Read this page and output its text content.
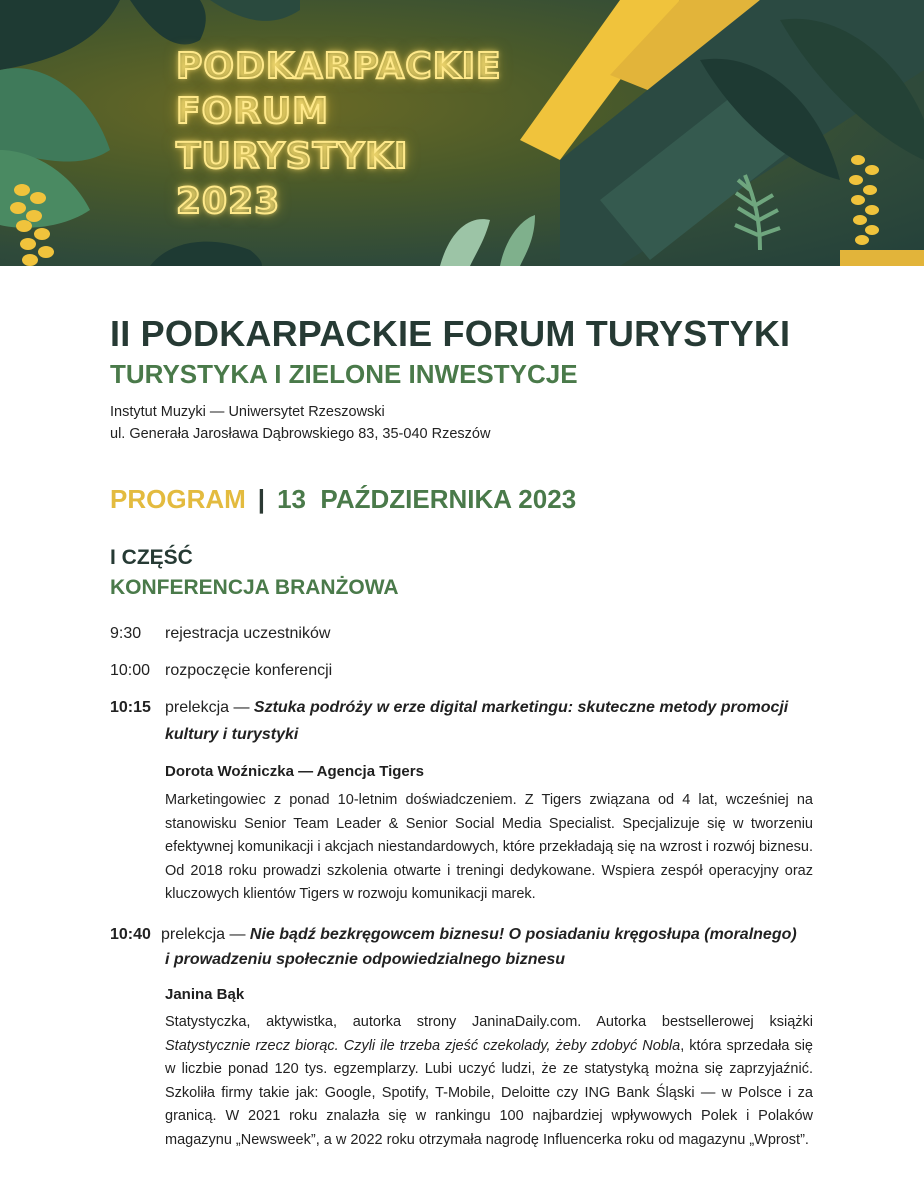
PODKARPACKIE
FORUM
TURYSTYKI
2023
II PODKARPACKIE FORUM TURYSTYKI
TURYSTYKA I ZIELONE INWESTYCJE
Instytut Muzyki — Uniwersytet Rzeszowski
ul. Generała Jarosława Dąbrowskiego 83, 35-040 Rzeszów
PROGRAM | 13  PAŹDZIERNIKA 2023
I CZĘŚĆ
KONFERENCJA BRANŻOWA
9:30 rejestracja uczestników
10:00 rozpoczęcie konferencji
10:15 prelekcja — Sztuka podróży w erze digital marketingu: skuteczne metody promocji
kultury i turystyki
Dorota Woźniczka — Agencja Tigers

Marketingowiec z ponad 10-letnim doświadczeniem. Z Tigers związana od 4 lat, wcześniej na stanowisku Senior Team Leader & Senior Social Media Specialist. Specjalizuje się w tworzeniu efektywnej komunikacji i akcjach niestandardowych, które przekładają się na wzrost i rozwój biznesu. Od 2018 roku prowadzi szkolenia otwarte i treningi dedykowane. Wspiera zespół operacyjny oraz kluczowych klientów Tigers w rozwoju komunikacji marek.

10:40 prelekcja — Nie bądź bezkręgowcem biznesu! O posiadaniu kręgosłupa (moralnego)
i prowadzeniu społecznie odpowiedzialnego biznesu
Janina Bąk

Statystyczka, aktywistka, autorka strony JaninaDaily.com. Autorka bestsellerowej książki Statystycznie rzecz biorąc. Czyli ile trzeba zjeść czekolady, żeby zdobyć Nobla, która sprzedała się w liczbie ponad 120 tys. egzemplarzy. Lubi uczyć ludzi, że ze statystyką można się zaprzyjaźnić. Szkoliła firmy takie jak: Google, Spotify, T-Mobile, Deloitte czy ING Bank Śląski — w Polsce i za granicą. W 2021 roku znalazła się w rankingu 100 najbardziej wpływowych Polek i Polaków magazynu „Newsweek”, a w 2022 roku otrzymała nagrodę Influencerka roku od magazynu „Wprost”.
